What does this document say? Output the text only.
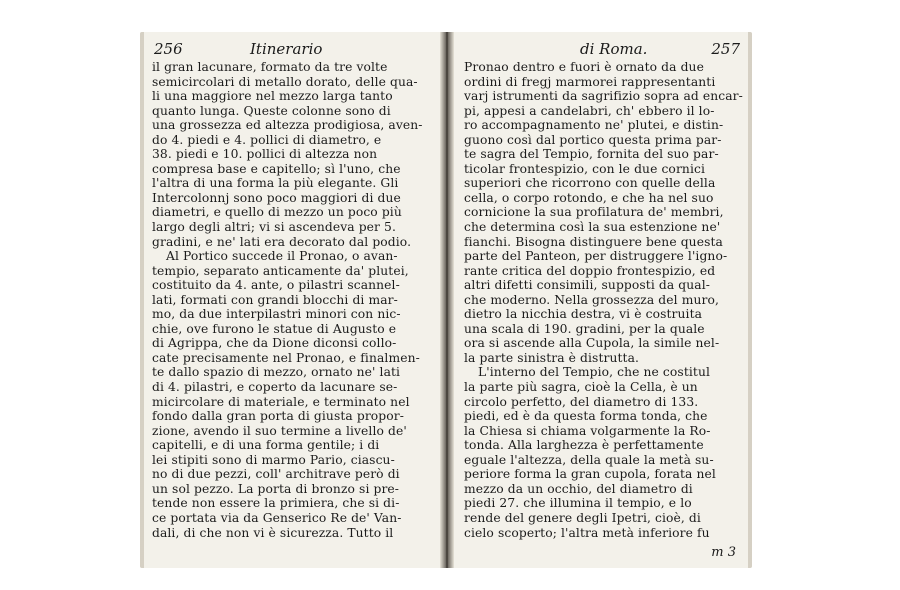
256	Itinerario
il gran lacunare, formato da tre volte
semicircolari di metallo dorato, delle qua-
li una maggiore nel mezzo larga tanto
quanto lunga. Queste colonne sono di
una grossezza ed altezza prodigiosa, aven-
do 4. piedi e 4. pollici di diametro, e
38. piedi e 10. pollici di altezza non
compresa base e capitello; sì l'uno, che
l'altra di una forma la più elegante. Gli
Intercolonnj sono poco maggiori di due
diametri, e quello di mezzo un poco più
largo degli altri; vi si ascendeva per 5.
gradini, e ne' lati era decorato dal podio.
Al Portico succede il Pronao, o avan-
tempio, separato anticamente da' plutei,
costituito da 4. ante, o pilastri scannel-
lati, formati con grandi blocchi di mar-
mo, da due interpilastri minori con nic-
chie, ove furono le statue di Augusto e
di Agrippa, che da Dione diconsi collo-
cate precisamente nel Pronao, e finalmen-
te dallo spazio di mezzo, ornato ne' lati
di 4. pilastri, e coperto da lacunare se-
micircolare di materiale, e terminato nel
fondo dalla gran porta di giusta propor-
zione, avendo il suo termine a livello de'
capitelli, e di una forma gentile; i di
lei stipiti sono di marmo Pario, ciascu-
no di due pezzi, coll' architrave però di
un sol pezzo. La porta di bronzo si pre-
tende non essere la primiera, che si di-
ce portata via da Genserico Re de' Van-
dali, di che non vi è sicurezza. Tutto il
di Roma.	257
Pronao dentro e fuori è ornato da due
ordini di fregj marmorei rappresentanti
varj istrumenti da sagrifizio sopra ad encar-
pi, appesi a candelabri, ch' ebbero il lo-
ro accompagnamento ne' plutei, e distin-
guono così dal portico questa prima par-
te sagra del Tempio, fornita del suo par-
ticolar frontespizio, con le due cornici
superiori che ricorrono con quelle della
cella, o corpo rotondo, e che ha nel suo
cornicione la sua profilatura de' membri,
che determina così la sua estenzione ne'
fianchi. Bisogna distinguere bene questa
parte del Panteon, per distruggere l'igno-
rante critica del doppio frontespizio, ed
altri difetti consimili, supposti da qual-
che moderno. Nella grossezza del muro,
dietro la nicchia destra, vi è costruita
una scala di 190. gradini, per la quale
ora si ascende alla Cupola, la simile nel-
la parte sinistra è distrutta.
L'interno del Tempio, che ne costitul
la parte più sagra, cioè la Cella, è un
circolo perfetto, del diametro di 133.
piedi, ed è da questa forma tonda, che
la Chiesa si chiama volgarmente la Ro-
tonda. Alla larghezza è perfettamente
eguale l'altezza, della quale la metà su-
periore forma la gran cupola, forata nel
mezzo da un occhio, del diametro di
piedi 27. che illumina il tempio, e lo
rende del genere degli Ipetri, cioè, di
cielo scoperto; l'altra metà inferiore fu
m 3
